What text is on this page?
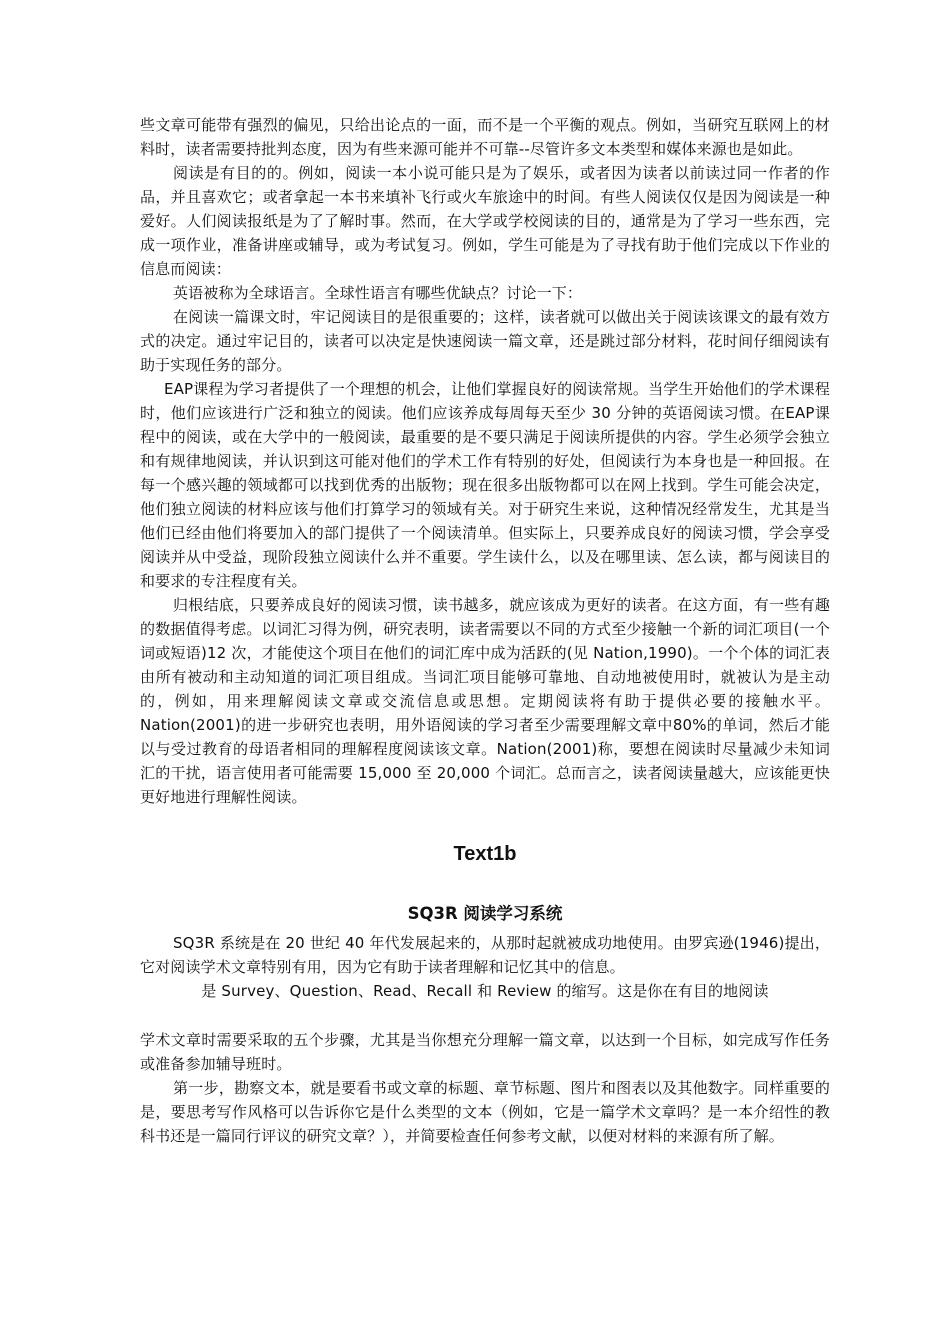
些文章可能带有强烈的偏见，只给出论点的一面，而不是一个平衡的观点。例如，当研究互联网上的材料时，读者需要持批判态度，因为有些来源可能并不可靠--尽管许多文本类型和媒体来源也是如此。

阅读是有目的的。例如，阅读一本小说可能只是为了娱乐，或者因为读者以前读过同一作者的作品，并且喜欢它；或者拿起一本书来填补飞行或火车旅途中的时间。有些人阅读仅仅是因为阅读是一种爱好。人们阅读报纸是为了了解时事。然而，在大学或学校阅读的目的，通常是为了学习一些东西，完成一项作业，准备讲座或辅导，或为考试复习。例如，学生可能是为了寻找有助于他们完成以下作业的信息而阅读：

英语被称为全球语言。全球性语言有哪些优缺点？讨论一下：

在阅读一篇课文时，牢记阅读目的是很重要的；这样，读者就可以做出关于阅读该课文的最有效方式的决定。通过牢记目的，读者可以决定是快速阅读一篇文章，还是跳过部分材料，花时间仔细阅读有助于实现任务的部分。

EAP课程为学习者提供了一个理想的机会，让他们掌握良好的阅读常规。当学生开始他们的学术课程时，他们应该进行广泛和独立的阅读。他们应该养成每周每天至少 30 分钟的英语阅读习惯。在EAP课程中的阅读，或在大学中的一般阅读，最重要的是不要只满足于阅读所提供的内容。学生必须学会独立和有规律地阅读，并认识到这可能对他们的学术工作有特别的好处，但阅读行为本身也是一种回报。在每一个感兴趣的领域都可以找到优秀的出版物；现在很多出版物都可以在网上找到。学生可能会决定，他们独立阅读的材料应该与他们打算学习的领域有关。对于研究生来说，这种情况经常发生，尤其是当他们已经由他们将要加入的部门提供了一个阅读清单。但实际上，只要养成良好的阅读习惯，学会享受阅读并从中受益，现阶段独立阅读什么并不重要。学生读什么，以及在哪里读、怎么读，都与阅读目的和要求的专注程度有关。

归根结底，只要养成良好的阅读习惯，读书越多，就应该成为更好的读者。在这方面，有一些有趣的数据值得考虑。以词汇习得为例，研究表明，读者需要以不同的方式至少接触一个新的词汇项目(一个词或短语)12 次，才能使这个项目在他们的词汇库中成为活跃的(见 Nation,1990)。一个个体的词汇表由所有被动和主动知道的词汇项目组成。当词汇项目能够可靠地、自动地被使用时，就被认为是主动的，例如，用来理解阅读文章或交流信息或思想。定期阅读将有助于提供必要的接触水平。Nation(2001)的进一步研究也表明，用外语阅读的学习者至少需要理解文章中80%的单词，然后才能以与受过教育的母语者相同的理解程度阅读该文章。Nation(2001)称，要想在阅读时尽量减少未知词汇的干扰，语言使用者可能需要 15,000 至 20,000 个词汇。总而言之，读者阅读量越大，应该能更快更好地进行理解性阅读。

Text1b
SQ3R 阅读学习系统

SQ3R 系统是在 20 世纪 40 年代发展起来的，从那时起就被成功地使用。由罗宾逊(1946)提出，它对阅读学术文章特别有用，因为它有助于读者理解和记忆其中的信息。

是 Survey、Question、Read、Recall 和 Review 的缩写。这是你在有目的地阅读

学术文章时需要采取的五个步骤，尤其是当你想充分理解一篇文章，以达到一个目标，如完成写作任务或准备参加辅导班时。

第一步，勘察文本，就是要看书或文章的标题、章节标题、图片和图表以及其他数字。同样重要的是，要思考写作风格可以告诉你它是什么类型的文本（例如，它是一篇学术文章吗？是一本介绍性的教科书还是一篇同行评议的研究文章？），并简要检查任何参考文献，以便对材料的来源有所了解。
